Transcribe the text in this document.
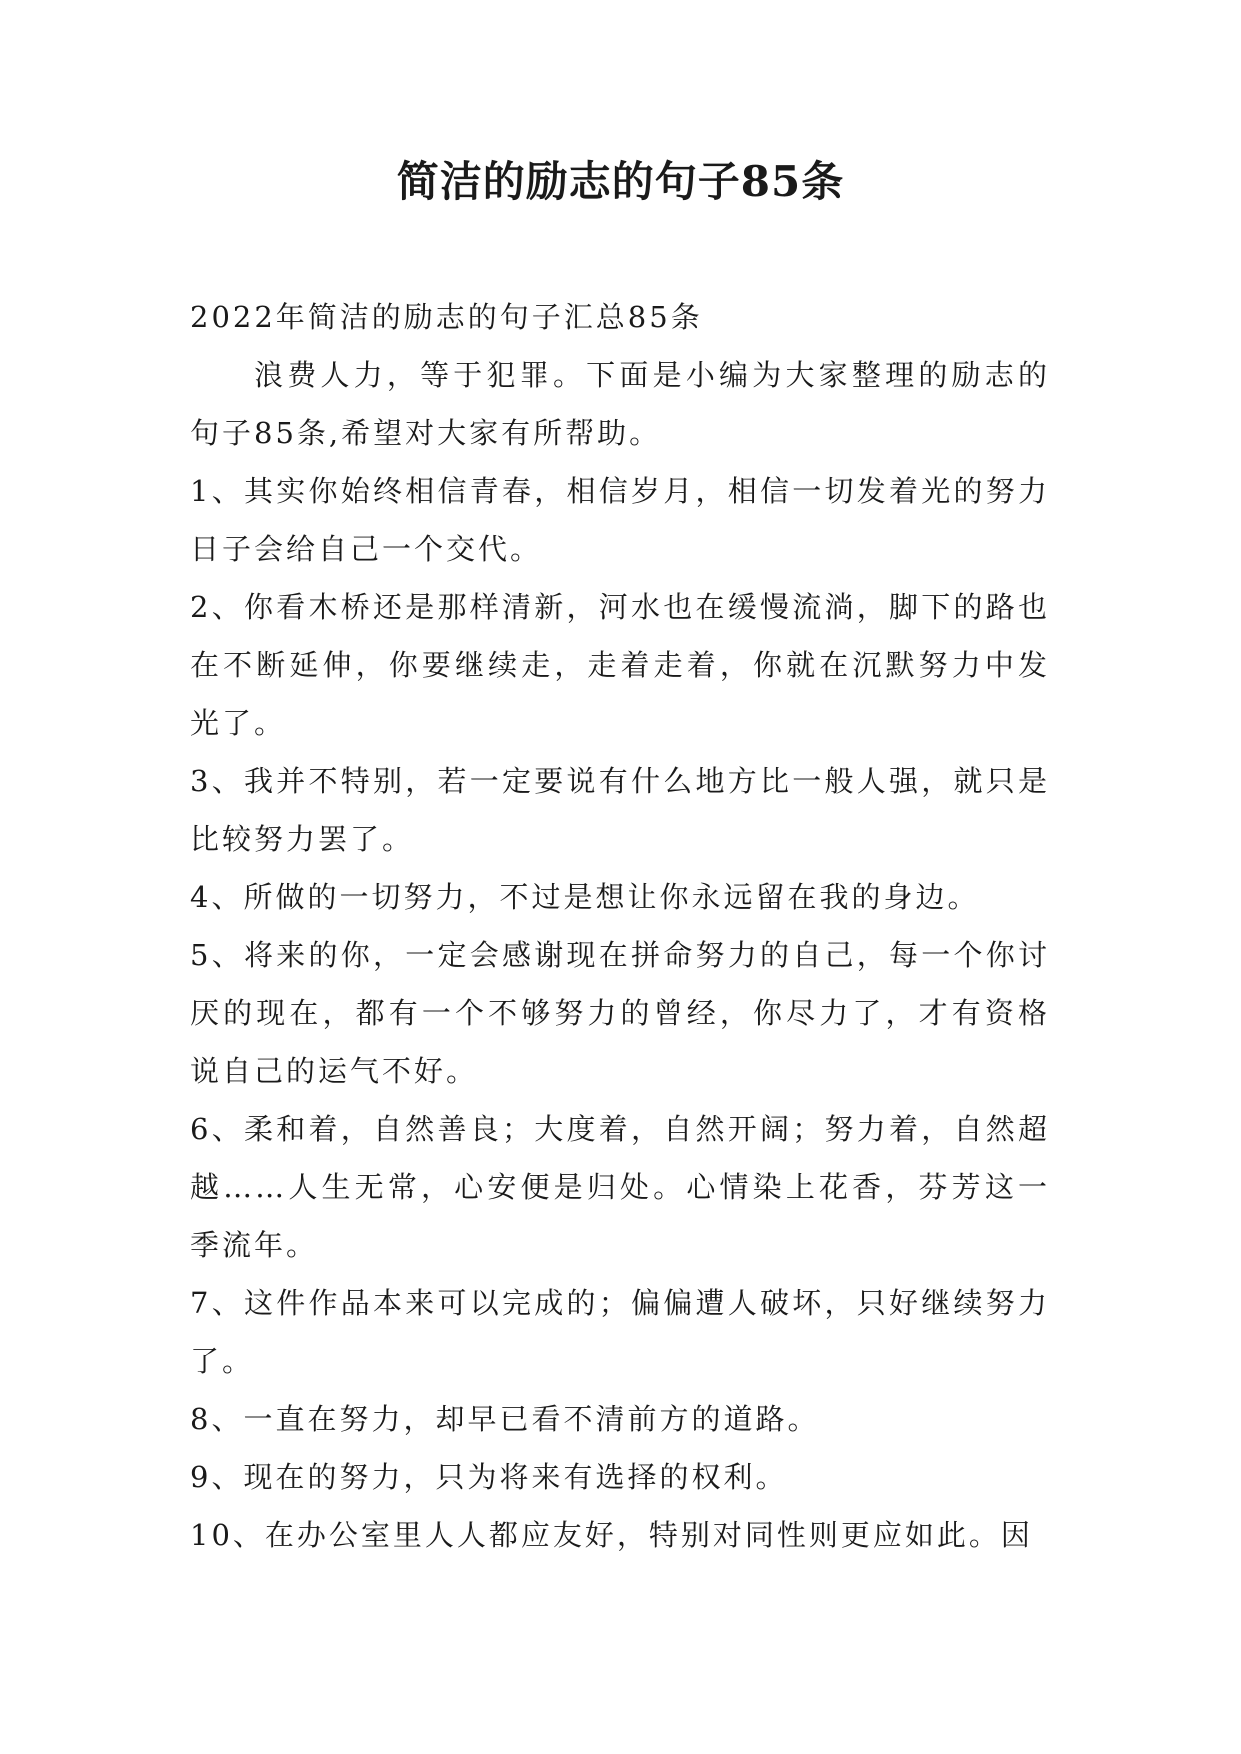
简洁的励志的句子85条

2022年简洁的励志的句子汇总85条

浪费人力，等于犯罪。下面是小编为大家整理的励志的句子85条,希望对大家有所帮助。

1、其实你始终相信青春，相信岁月，相信一切发着光的努力日子会给自己一个交代。

2、你看木桥还是那样清新，河水也在缓慢流淌，脚下的路也在不断延伸，你要继续走，走着走着，你就在沉默努力中发光了。

3、我并不特别，若一定要说有什么地方比一般人强，就只是比较努力罢了。

4、所做的一切努力，不过是想让你永远留在我的身边。

5、将来的你，一定会感谢现在拼命努力的自己，每一个你讨厌的现在，都有一个不够努力的曾经，你尽力了，才有资格说自己的运气不好。

6、柔和着，自然善良；大度着，自然开阔；努力着，自然超越……人生无常，心安便是归处。心情染上花香，芬芳这一季流年。

7、这件作品本来可以完成的；偏偏遭人破坏，只好继续努力了。

8、一直在努力，却早已看不清前方的道路。

9、现在的努力，只为将来有选择的权利。

10、在办公室里人人都应友好，特别对同性则更应如此。因
